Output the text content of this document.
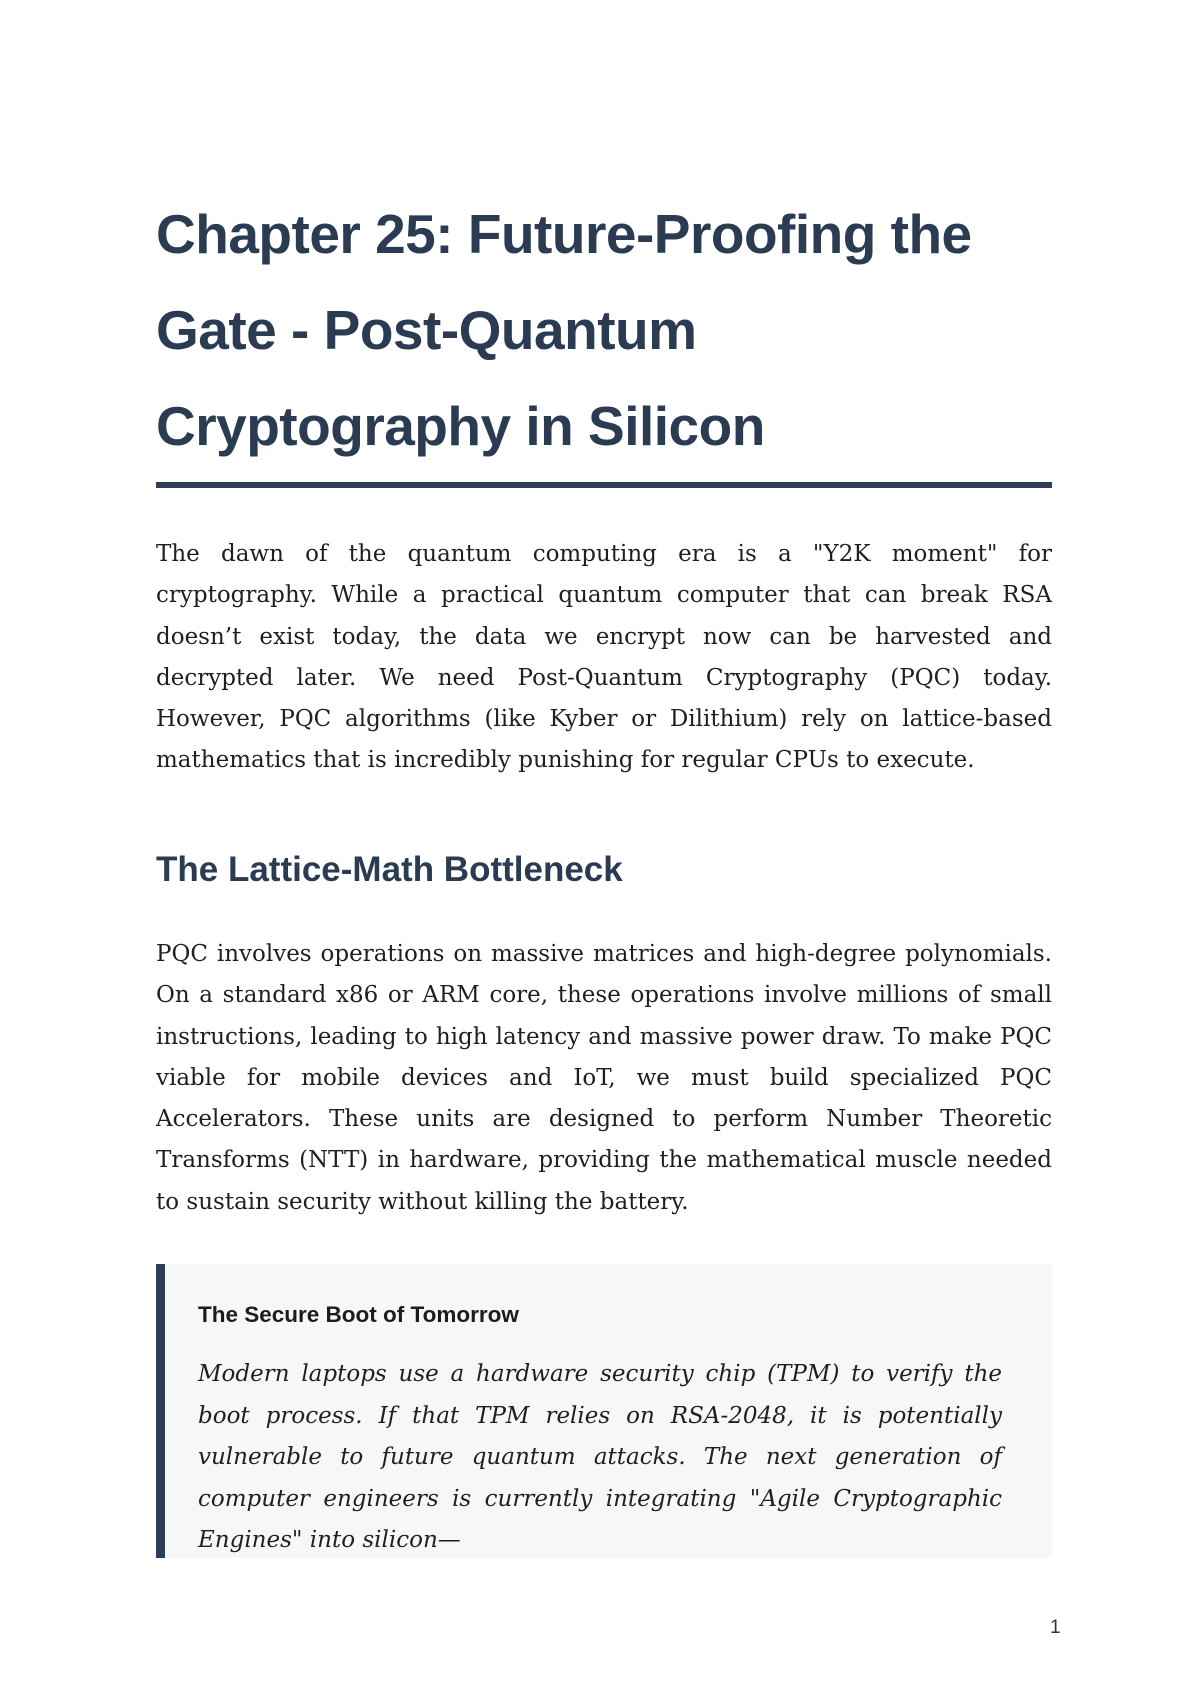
Chapter 25: Future-Proofing the Gate - Post-Quantum Cryptography in Silicon

The dawn of the quantum computing era is a "Y2K moment" for cryptography. While a practical quantum computer that can break RSA doesn’t exist today, the data we encrypt now can be harvested and decrypted later. We need Post-Quantum Cryptography (PQC) today. However, PQC algorithms (like Kyber or Dilithium) rely on lattice-based mathematics that is incredibly punishing for regular CPUs to execute.

The Lattice-Math Bottleneck

PQC involves operations on massive matrices and high-degree polynomials. On a standard x86 or ARM core, these operations involve millions of small instructions, leading to high latency and massive power draw. To make PQC viable for mobile devices and IoT, we must build specialized PQC Accelerators. These units are designed to perform Number Theoretic Transforms (NTT) in hardware, providing the mathematical muscle needed to sustain security without killing the battery.

The Secure Boot of Tomorrow

Modern laptops use a hardware security chip (TPM) to verify the boot process. If that TPM relies on RSA-2048, it is potentially vulnerable to future quantum attacks. The next generation of computer engineers is currently integrating "Agile Cryptographic Engines" into silicon—

1
